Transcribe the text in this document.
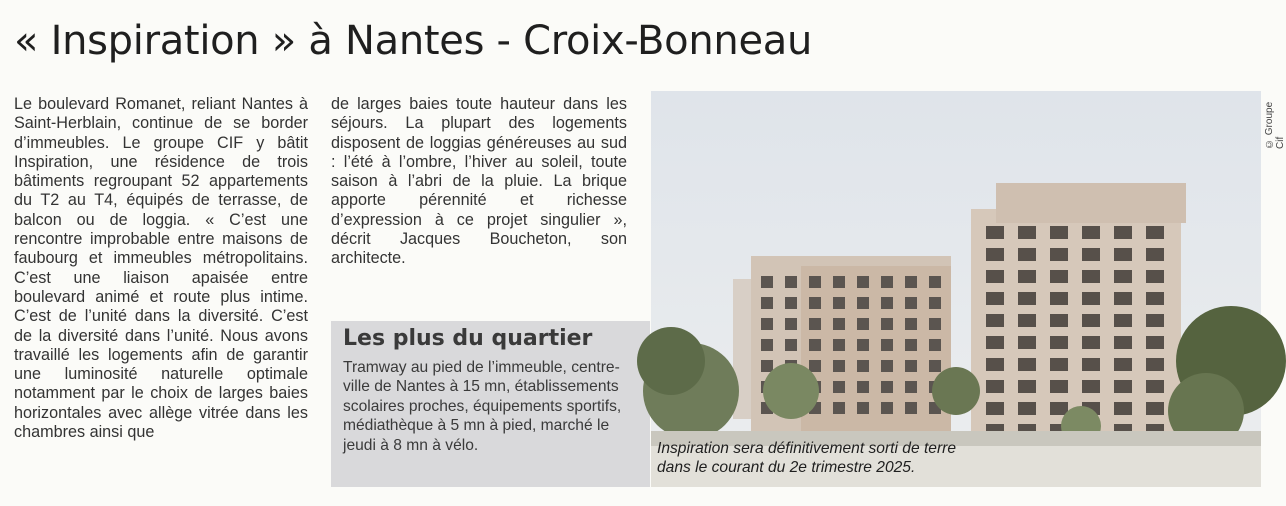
« Inspiration » à Nantes - Croix-Bonneau

Le boulevard Romanet, reliant Nantes à Saint-Herblain, continue de se border d’immeubles. Le groupe CIF y bâtit Inspiration, une résidence de trois bâtiments regroupant 52 appartements du T2 au T4, équipés de terrasse, de balcon ou de loggia. « C’est une rencontre improbable entre maisons de faubourg et immeubles métropolitains. C’est une liaison apaisée entre boulevard animé et route plus intime. C’est de l’unité dans la diversité. C’est de la diversité dans l’unité. Nous avons travaillé les logements afin de garantir une luminosité naturelle optimale notamment par le choix de larges baies horizontales avec allège vitrée dans les chambres ainsi que

de larges baies toute hauteur dans les séjours. La plupart des logements disposent de loggias généreuses au sud : l’été à l’ombre, l’hiver au soleil, toute saison à l’abri de la pluie. La brique apporte pérennité et richesse d’expression à ce projet singulier », décrit Jacques Boucheton, son architecte.

Les plus du quartier

Tramway au pied de l’immeuble, centre-ville de Nantes à 15 mn, établissements scolaires proches, équipements sportifs, médiathèque à 5 mn à pied, marché le jeudi à 8 mn à vélo.	Inspiration sera définitivement sorti de terre
dans le courant du 2e trimestre 2025.

© Groupe Cif
